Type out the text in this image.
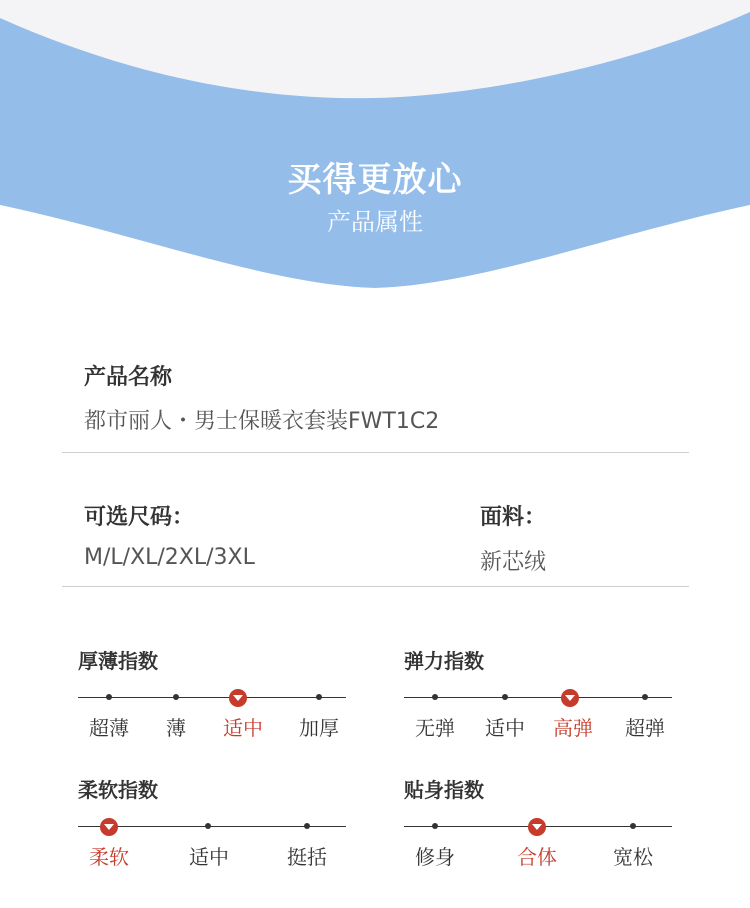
买得更放心
产品属性
产品名称
都市丽人・男士保暖衣套装FWT1C2
可选尺码：
M/L/XL/2XL/3XL
面料：
新芯绒
厚薄指数
超薄 薄 适中 加厚
弹力指数
无弹 适中 高弹 超弹
柔软指数
柔软	适中	挺括
贴身指数
修身	合体	宽松
